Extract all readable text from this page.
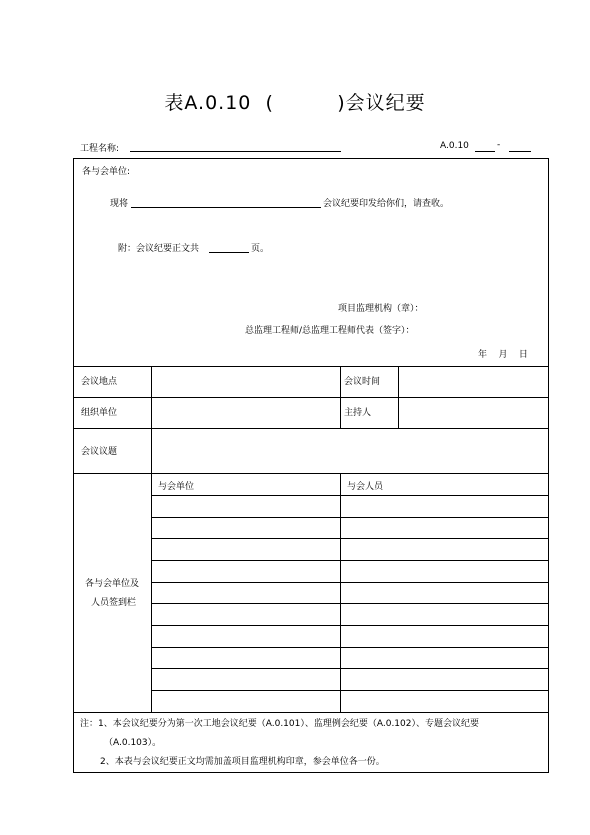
表A.0.10  (         )会议纪要
工程名称:	A.0.10	-
各与会单位:
现将	会议纪要印发给你们，请查收。
附：会议纪要正文共	页。
项目监理机构（章）：
总监理工程师/总监理工程师代表（签字）：
年    月    日
会议地点	会议时间
组织单位	主持人
会议议题
各与会单位及
人员签到栏
与会单位	与会人员
注：1、本会议纪要分为第一次工地会议纪要（A.0.101）、监理例会纪要（A.0.102）、专题会议纪要
（A.0.103）。
2、本表与会议纪要正文均需加盖项目监理机构印章，参会单位各一份。
